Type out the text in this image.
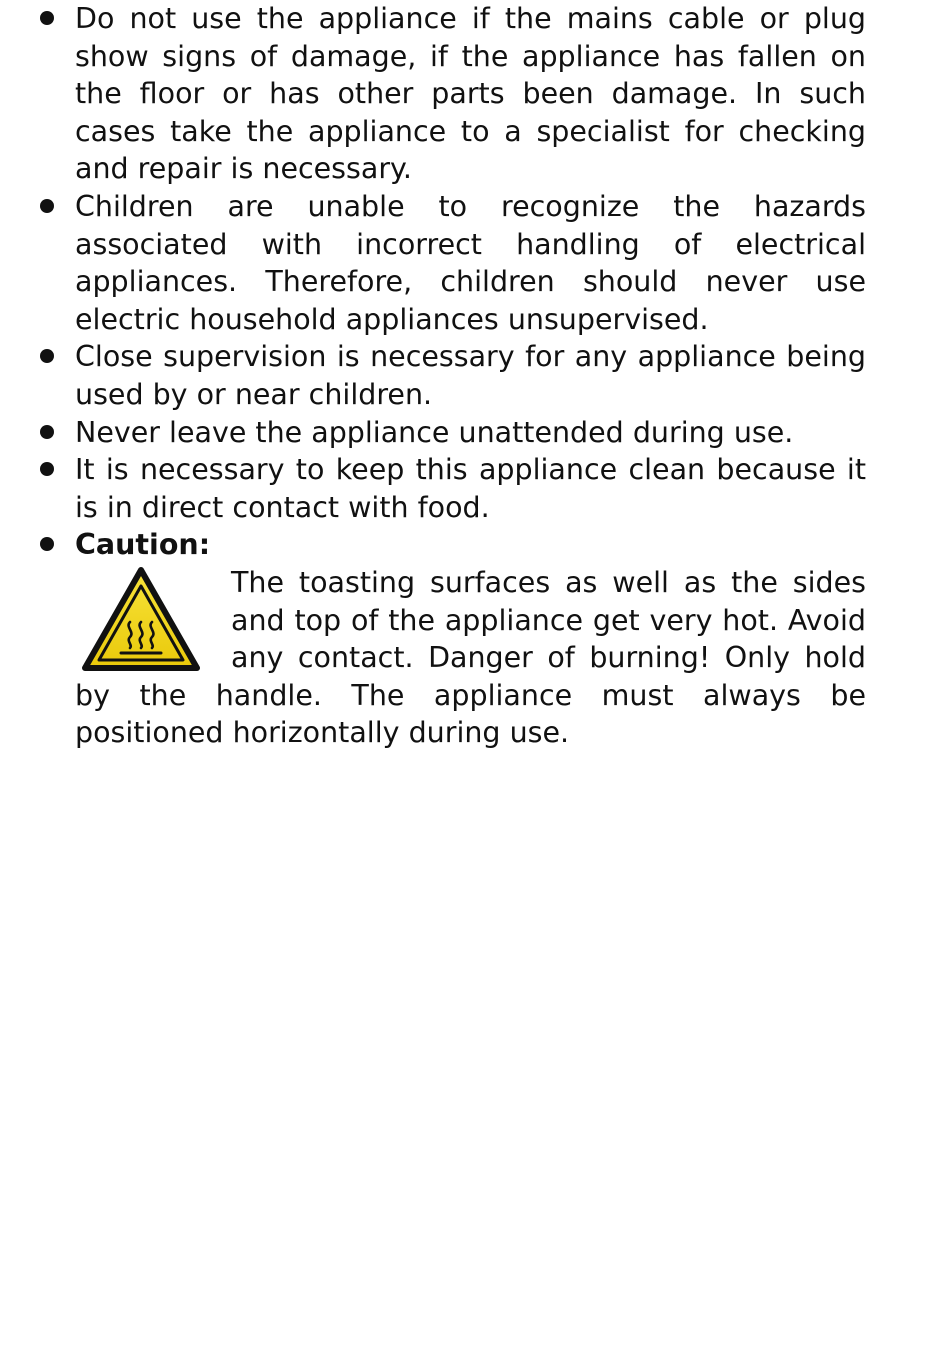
Do not use the appliance if the mains cable or plug show signs of damage, if the appliance has fallen on the floor or has other parts been damage. In such cases take the appliance to a specialist for checking and repair is necessary.
Children are unable to recognize the hazards associated with incorrect handling of electrical appliances. Therefore, children should never use electric household appliances unsupervised.
Close supervision is necessary for any appliance being used by or near children.
Never leave the appliance unattended during use.
It is necessary to keep this appliance clean because it is in direct contact with food.
Caution:
The toasting surfaces as well as the sides and top of the appliance get very hot. Avoid any contact. Danger of burning! Only hold by the handle. The appliance must always be positioned horizontally during use.
